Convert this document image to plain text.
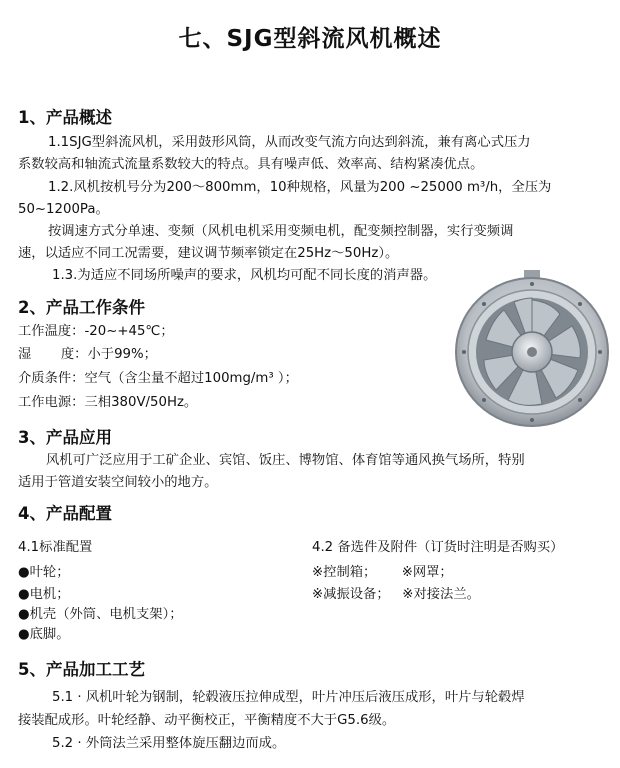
七、SJG型斜流风机概述
1、产品概述
1.1SJG型斜流风机，采用鼓形风筒，从而改变气流方向达到斜流，兼有离心式压力
系数较高和轴流式流量系数较大的特点。具有噪声低、效率高、结构紧凑优点。
1.2.风机按机号分为200～800mm，10种规格，风量为200 ~25000 m³/h，全压为
50~1200Pa。
按调速方式分单速、变频（风机电机采用变频电机，配变频控制器，实行变频调
速，以适应不同工况需要，建议调节频率锁定在25Hz～50Hz）。
1.3.为适应不同场所噪声的要求，风机均可配不同长度的消声器。
2、产品工作条件
工作温度：-20~+45℃；
湿       度：小于99%；
介质条件：空气（含尘量不超过100mg/m³ ）；
工作电源：三相380V/50Hz。
3、产品应用
风机可广泛应用于工矿企业、宾馆、饭庄、博物馆、体育馆等通风换气场所，特别
适用于管道安装空间较小的地方。
4、产品配置
4.1标准配置
●叶轮；
●电机；
●机壳（外筒、电机支架）；
●底脚。
4.2 备选件及附件（订货时注明是否购买）
※控制箱；      ※网罩；
※减振设备；   ※对接法兰。
5、产品加工工艺
5.1 · 风机叶轮为钢制，轮毂液压拉伸成型，叶片冲压后液压成形，叶片与轮毂焊
接装配成形。叶轮经静、动平衡校正，平衡精度不大于G5.6级。
5.2 · 外筒法兰采用整体旋压翻边而成。
